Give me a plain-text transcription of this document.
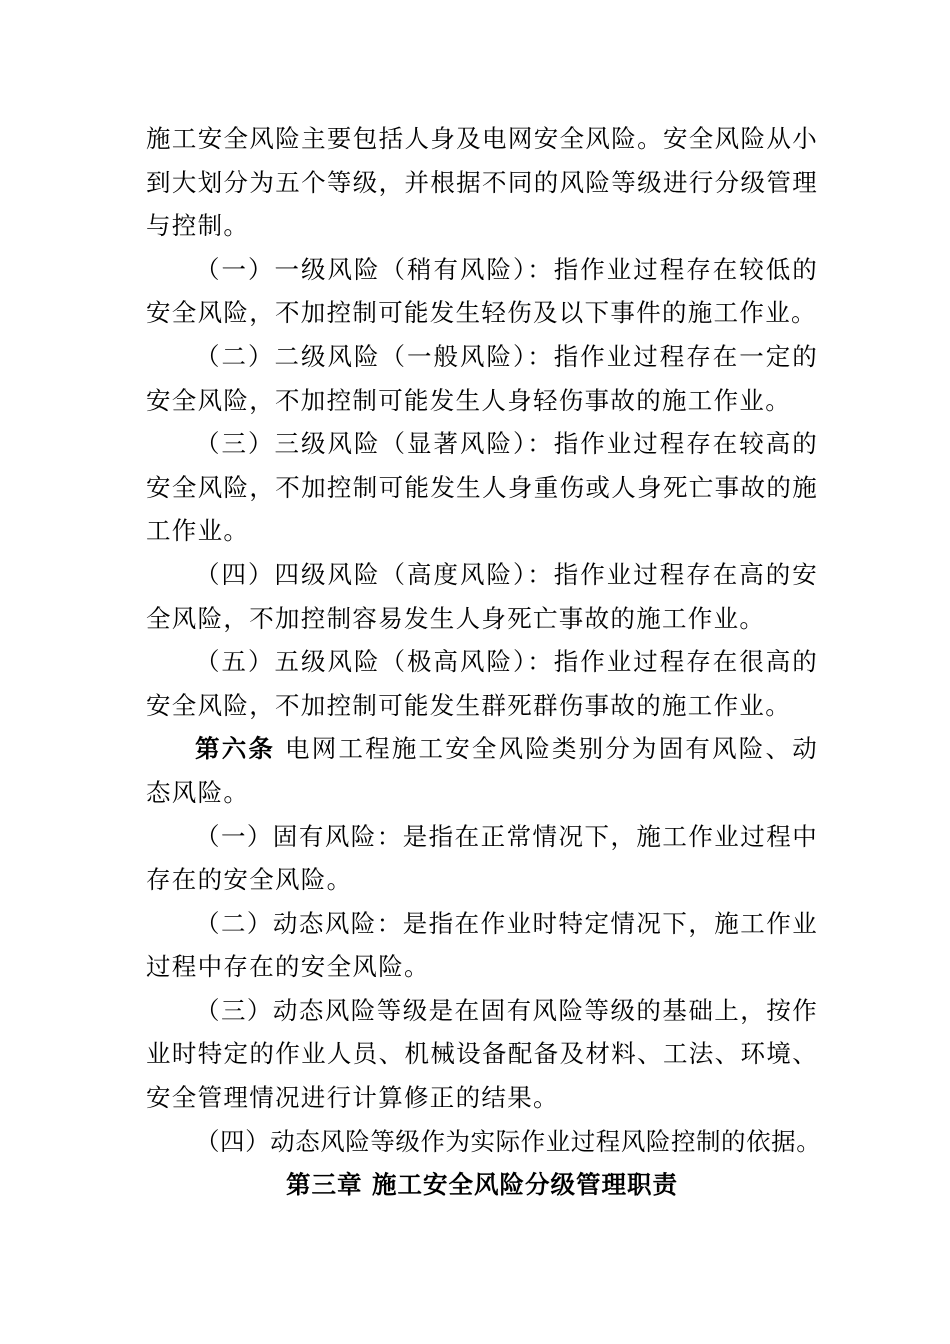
施工安全风险主要包括人身及电网安全风险。安全风险从小到大划分为五个等级，并根据不同的风险等级进行分级管理与控制。

（一）一级风险（稍有风险）：指作业过程存在较低的安全风险，不加控制可能发生轻伤及以下事件的施工作业。

（二）二级风险（一般风险）：指作业过程存在一定的安全风险，不加控制可能发生人身轻伤事故的施工作业。

（三）三级风险（显著风险）：指作业过程存在较高的安全风险，不加控制可能发生人身重伤或人身死亡事故的施工作业。

（四）四级风险（高度风险）：指作业过程存在高的安全风险，不加控制容易发生人身死亡事故的施工作业。

（五）五级风险（极高风险）：指作业过程存在很高的安全风险，不加控制可能发生群死群伤事故的施工作业。

第六条 电网工程施工安全风险类别分为固有风险、动态风险。

（一）固有风险：是指在正常情况下，施工作业过程中存在的安全风险。

（二）动态风险：是指在作业时特定情况下，施工作业过程中存在的安全风险。

（三）动态风险等级是在固有风险等级的基础上，按作业时特定的作业人员、机械设备配备及材料、工法、环境、安全管理情况进行计算修正的结果。

（四）动态风险等级作为实际作业过程风险控制的依据。

第三章 施工安全风险分级管理职责
